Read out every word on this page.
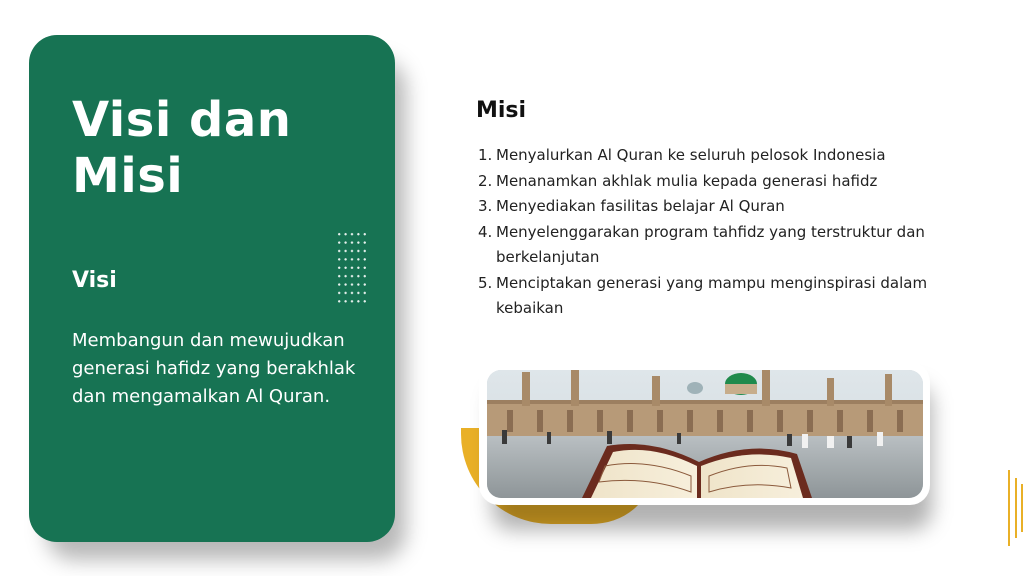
Visi dan Misi
Visi
Membangun dan mewujudkan generasi hafidz yang berakhlak dan mengamalkan Al Quran.
Misi
1. Menyalurkan Al Quran ke seluruh pelosok Indonesia
2. Menanamkan akhlak mulia kepada generasi hafidz
3. Menyediakan fasilitas belajar Al Quran
4. Menyelenggarakan program tahfidz yang terstruktur dan berkelanjutan
5. Menciptakan generasi yang mampu menginspirasi dalam kebaikan
